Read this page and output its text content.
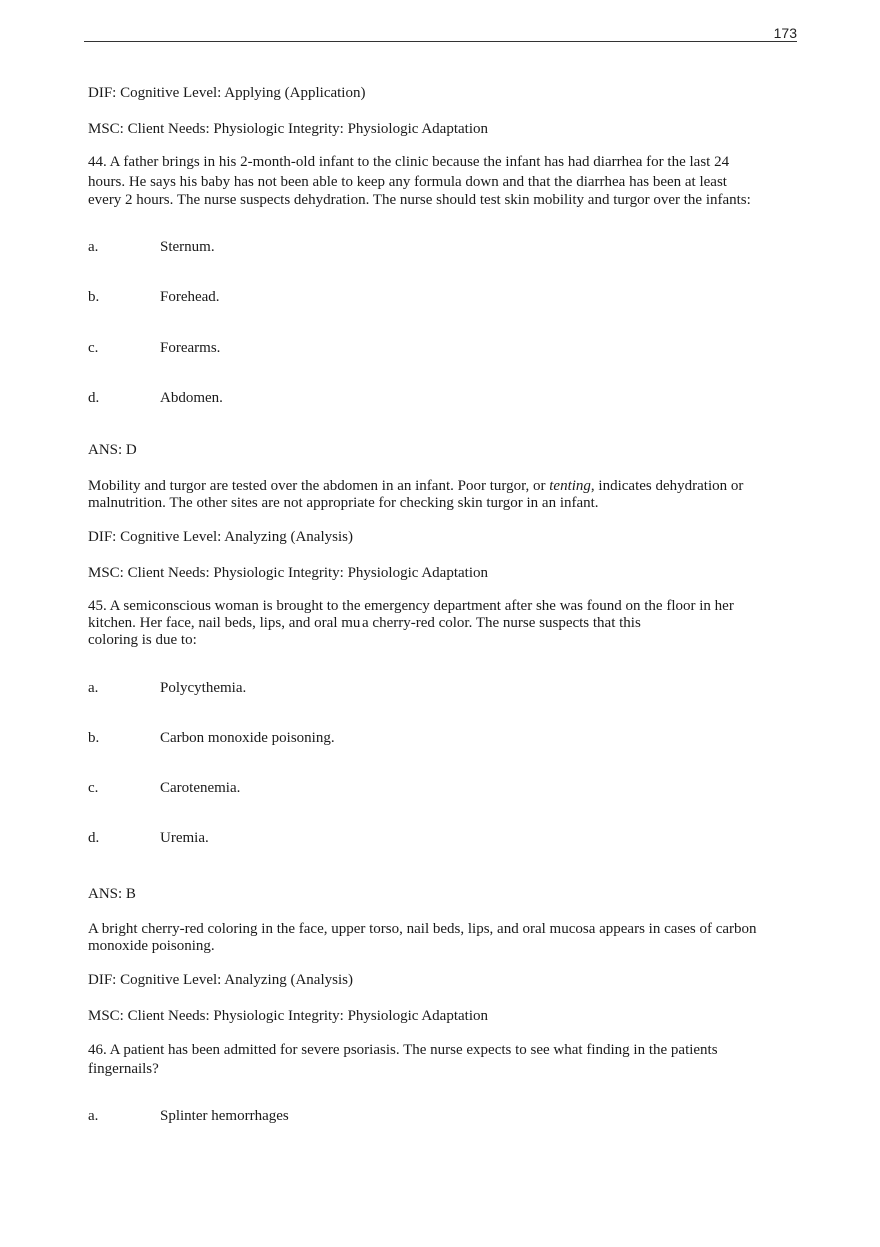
173
DIF: Cognitive Level: Applying (Application)
MSC: Client Needs: Physiologic Integrity: Physiologic Adaptation
44. A father brings in his 2-month-old infant to the clinic because the infant has had diarrhea for the last 24
hours. He says his baby has not been able to keep any formula down and that the diarrhea has been at least
every 2 hours. The nurse suspects dehydration. The nurse should test skin mobility and turgor over the infants:
a.	Sternum.
b.	Forehead.
c.	Forearms.
d.	Abdomen.
ANS: D
Mobility and turgor are tested over the abdomen in an infant. Poor turgor, or tenting, indicates dehydration or
malnutrition. The other sites are not appropriate for checking skin turgor in an infant.
DIF: Cognitive Level: Analyzing (Analysis)
MSC: Client Needs: Physiologic Integrity: Physiologic Adaptation
45. A semiconscious woman is brought to the emergency department after she was found on the floor in her
kitchen. Her face, nail beds, lips, and oral mu a cherry-red color. The nurse suspects that this
coloring is due to:
a.	Polycythemia.
b.	Carbon monoxide poisoning.
c.	Carotenemia.
d.	Uremia.
ANS: B
A bright cherry-red coloring in the face, upper torso, nail beds, lips, and oral mucosa appears in cases of carbon
monoxide poisoning.
DIF: Cognitive Level: Analyzing (Analysis)
MSC: Client Needs: Physiologic Integrity: Physiologic Adaptation
46. A patient has been admitted for severe psoriasis. The nurse expects to see what finding in the patients
fingernails?
a.	Splinter hemorrhages
